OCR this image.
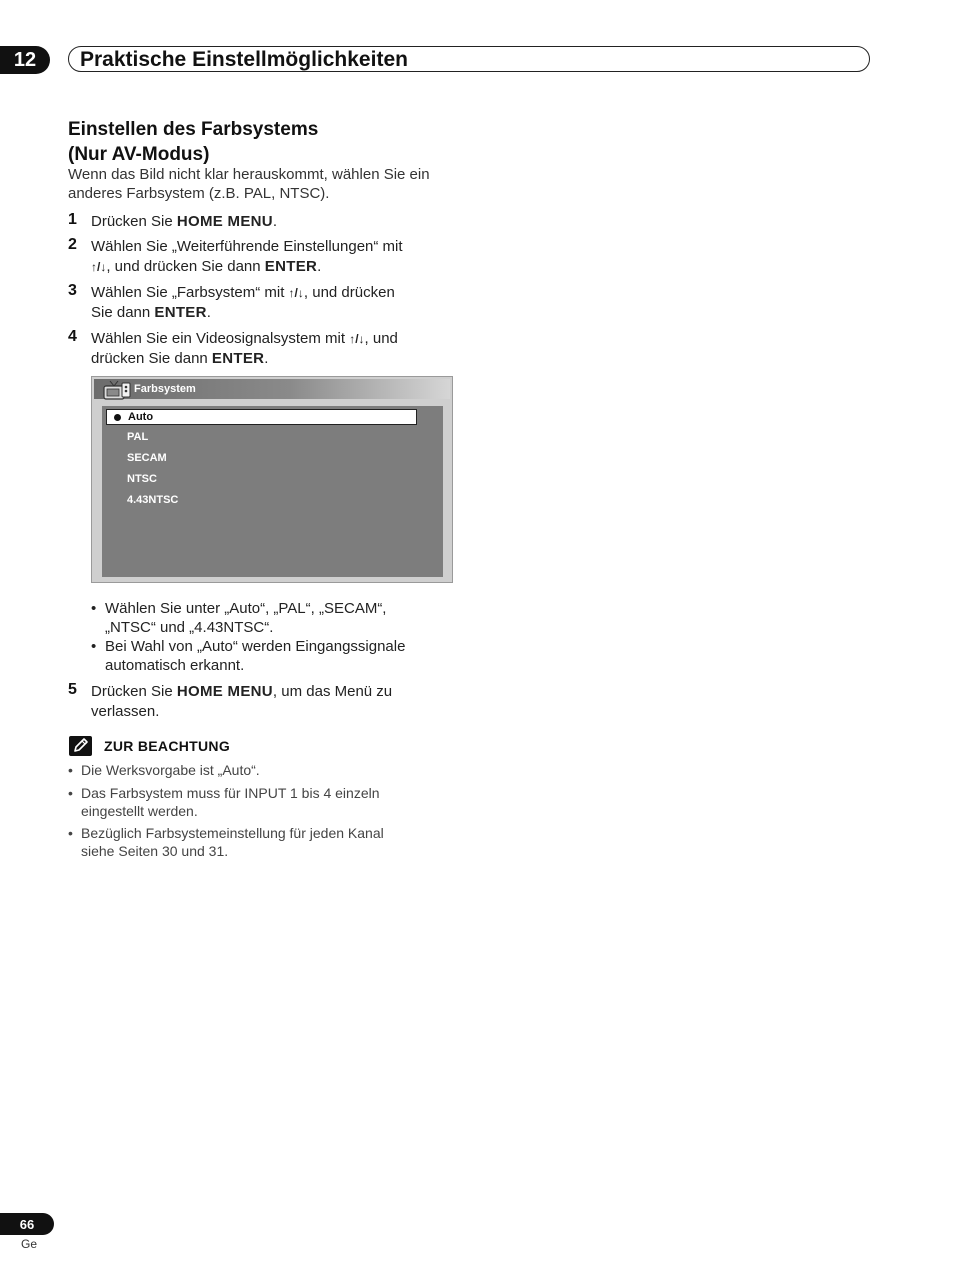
12	Praktische Einstellmöglichkeiten
Einstellen des Farbsystems
(Nur AV-Modus)
Wenn das Bild nicht klar herauskommt, wählen Sie ein
anderes Farbsystem (z.B. PAL, NTSC).
1 Drücken Sie HOME MENU.
2 Wählen Sie „Weiterführende Einstellungen“ mit
↑/↓, und drücken Sie dann ENTER.
3 Wählen Sie „Farbsystem“ mit ↑/↓, und drücken
Sie dann ENTER.
4 Wählen Sie ein Videosignalsystem mit ↑/↓, und
drücken Sie dann ENTER.
Farbsystem
Auto
PAL
SECAM
NTSC
4.43NTSC
• Wählen Sie unter „Auto“, „PAL“, „SECAM“,
„NTSC“ und „4.43NTSC“.
• Bei Wahl von „Auto“ werden Eingangssignale
automatisch erkannt.
5 Drücken Sie HOME MENU, um das Menü zu
verlassen.
ZUR BEACHTUNG
• Die Werksvorgabe ist „Auto“.
• Das Farbsystem muss für INPUT 1 bis 4 einzeln
eingestellt werden.
• Bezüglich Farbsystemeinstellung für jeden Kanal
siehe Seiten 30 und 31.
66
Ge
